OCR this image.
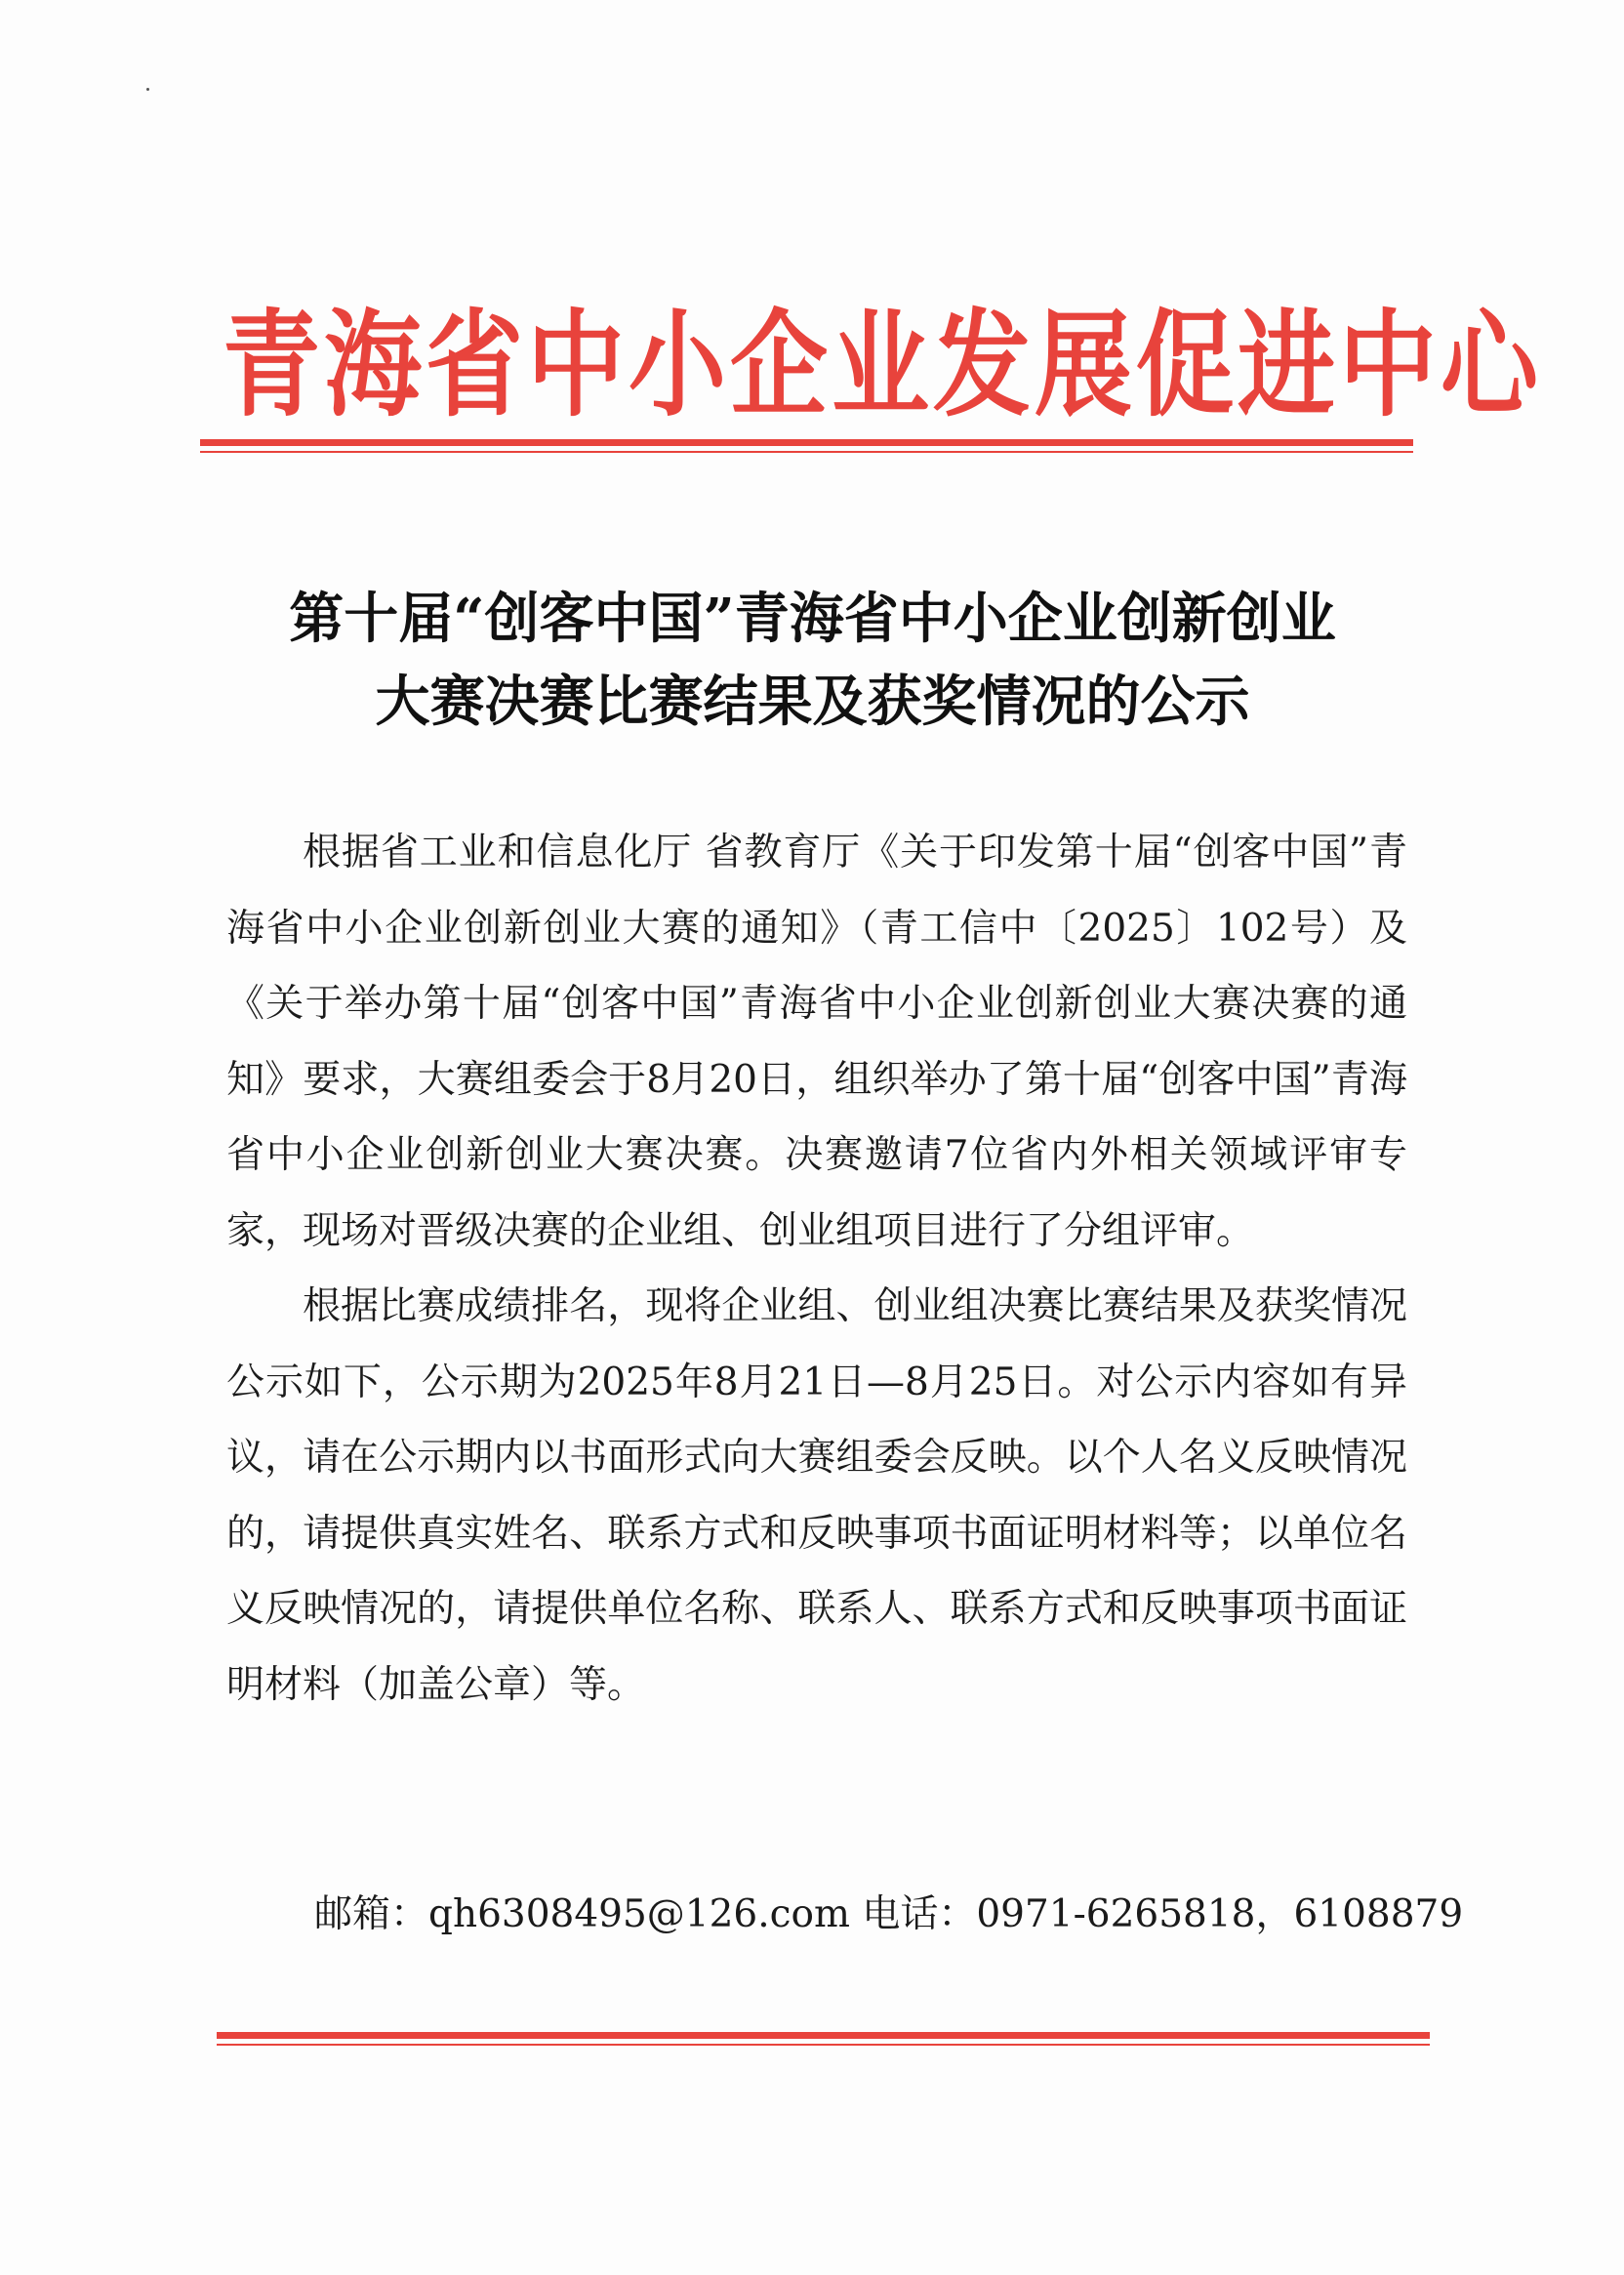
青海省中小企业发展促进中心
第十届“创客中国”青海省中小企业创新创业
大赛决赛比赛结果及获奖情况的公示

根据省工业和信息化厅 省教育厅《关于印发第十届“创客中国”青海省中小企业创新创业大赛的通知》（青工信中〔2025〕102号）及《关于举办第十届“创客中国”青海省中小企业创新创业大赛决赛的通知》要求，大赛组委会于8月20日，组织举办了第十届“创客中国”青海省中小企业创新创业大赛决赛。决赛邀请7位省内外相关领域评审专家，现场对晋级决赛的企业组、创业组项目进行了分组评审。

根据比赛成绩排名，现将企业组、创业组决赛比赛结果及获奖情况公示如下，公示期为2025年8月21日—8月25日。对公示内容如有异议，请在公示期内以书面形式向大赛组委会反映。以个人名义反映情况的，请提供真实姓名、联系方式和反映事项书面证明材料等；以单位名义反映情况的，请提供单位名称、联系人、联系方式和反映事项书面证明材料（加盖公章）等。

邮箱：qh6308495@126.com 电话：0971-6265818，6108879
